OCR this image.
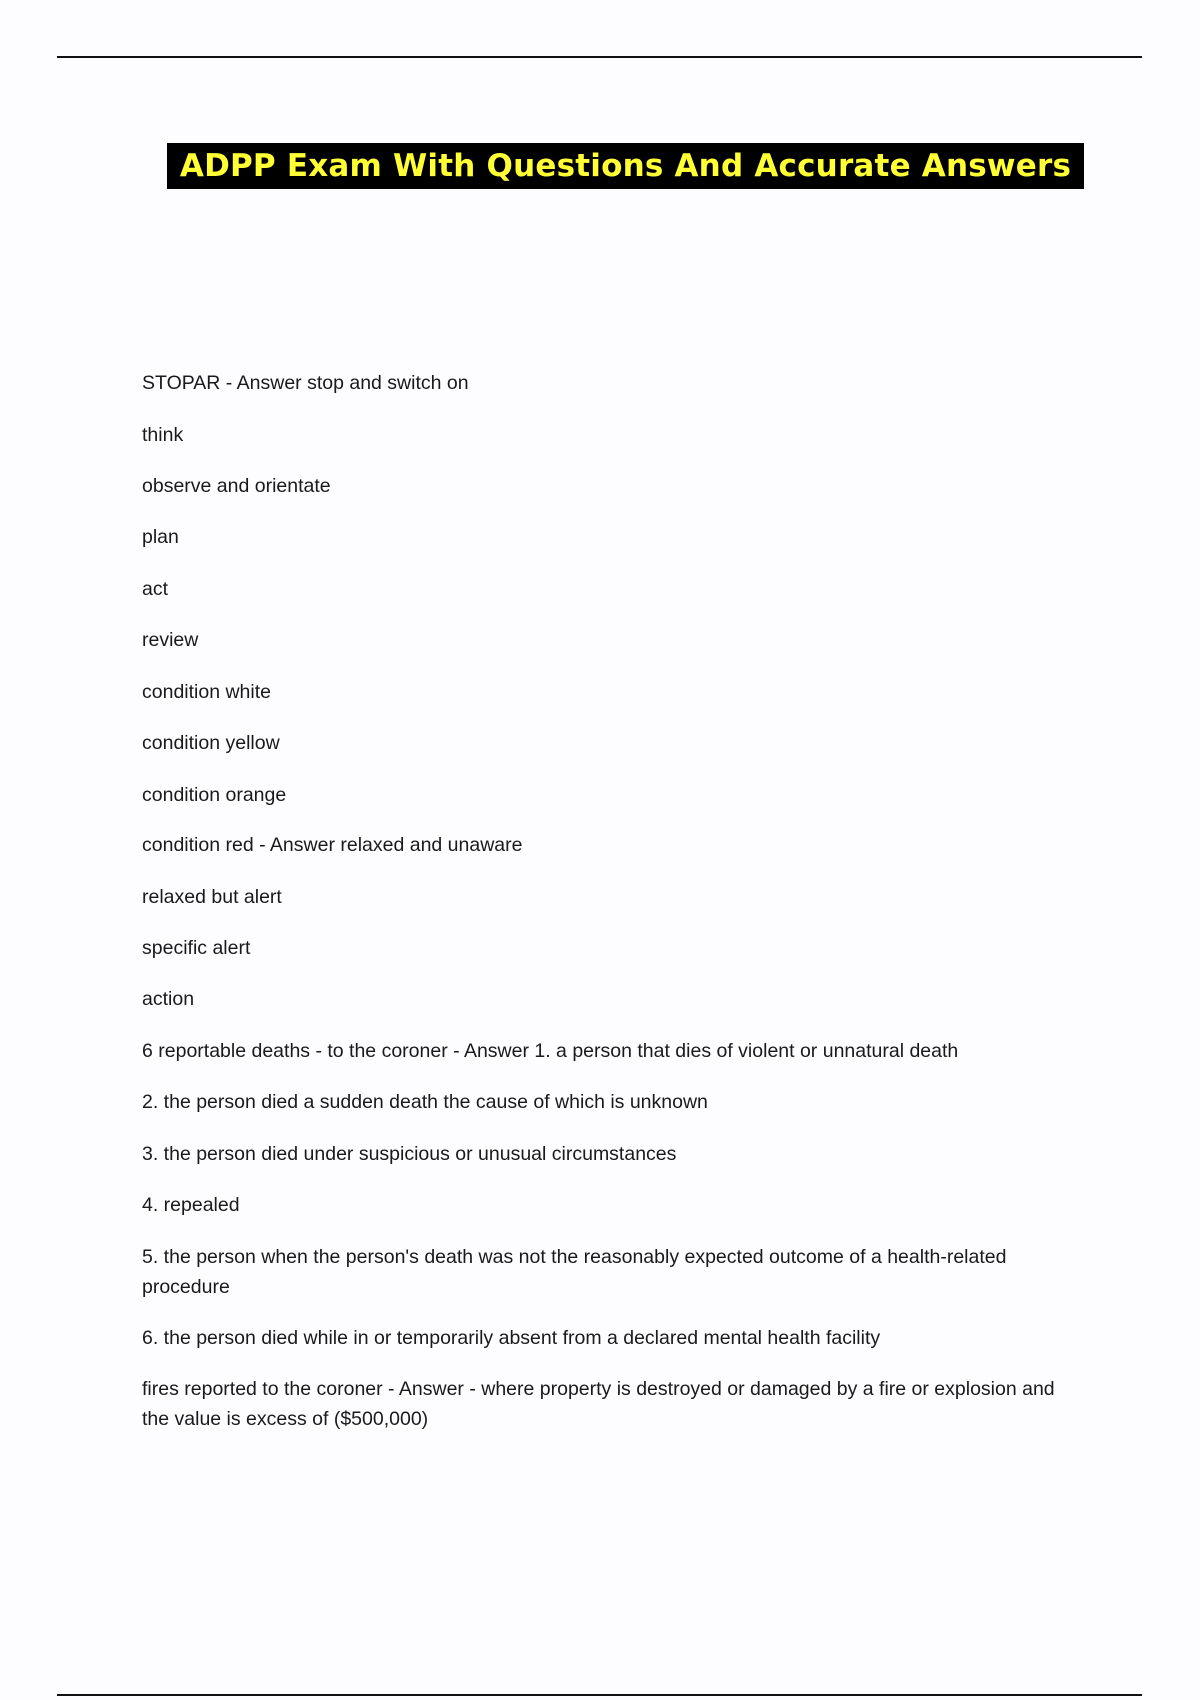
ADPP Exam With Questions And Accurate Answers
STOPAR - Answer stop and switch on
think
observe and orientate
plan
act
review
condition white
condition yellow
condition orange
condition red - Answer relaxed and unaware
relaxed but alert
specific alert
action
6 reportable deaths - to the coroner - Answer 1. a person that dies of violent or unnatural death
2. the person died a sudden death the cause of which is unknown
3. the person died under suspicious or unusual circumstances
4. repealed
5. the person when the person's death was not the reasonably expected outcome of a health-related procedure
6. the person died while in or temporarily absent from a declared mental health facility
fires reported to the coroner - Answer - where property is destroyed or damaged by a fire or explosion and the value is excess of ($500,000)
